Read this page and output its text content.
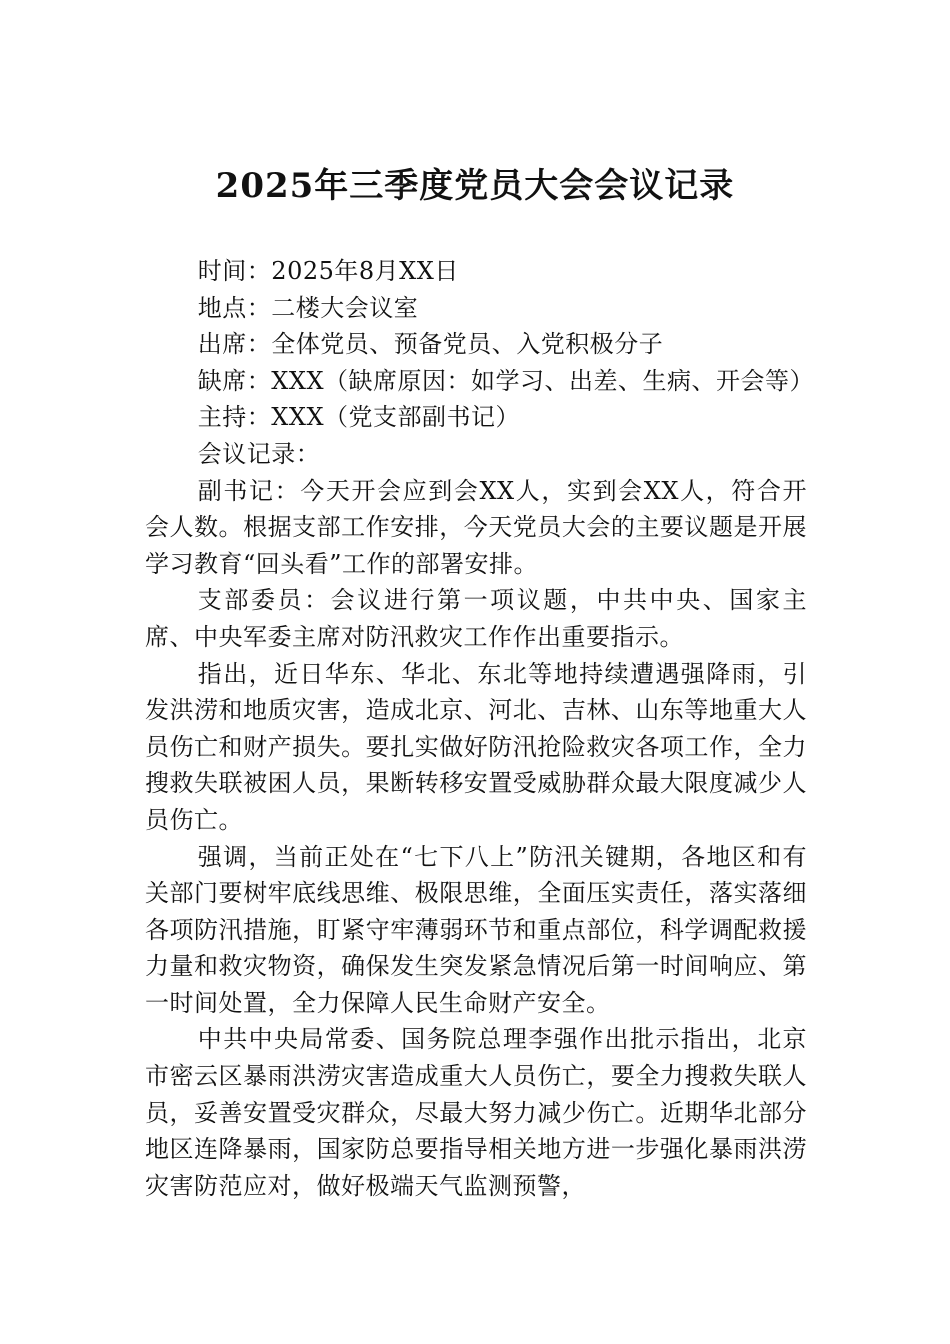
2025年三季度党员大会会议记录

时间：2025年8月XX日

地点：二楼大会议室

出席：全体党员、预备党员、入党积极分子

缺席：XXX（缺席原因：如学习、出差、生病、开会等）

主持：XXX（党支部副书记）

会议记录：

副书记：今天开会应到会XX人，实到会XX人，符合开会人数。根据支部工作安排，今天党员大会的主要议题是开展学习教育“回头看”工作的部署安排。

支部委员：会议进行第一项议题，中共中央、国家主席、中央军委主席对防汛救灾工作作出重要指示。

指出，近日华东、华北、东北等地持续遭遇强降雨，引发洪涝和地质灾害，造成北京、河北、吉林、山东等地重大人员伤亡和财产损失。要扎实做好防汛抢险救灾各项工作，全力搜救失联被困人员，果断转移安置受威胁群众最大限度减少人员伤亡。

强调，当前正处在“七下八上”防汛关键期，各地区和有关部门要树牢底线思维、极限思维，全面压实责任，落实落细各项防汛措施，盯紧守牢薄弱环节和重点部位，科学调配救援力量和救灾物资，确保发生突发紧急情况后第一时间响应、第一时间处置，全力保障人民生命财产安全。

中共中央局常委、国务院总理李强作出批示指出，北京市密云区暴雨洪涝灾害造成重大人员伤亡，要全力搜救失联人员，妥善安置受灾群众，尽最大努力减少伤亡。近期华北部分地区连降暴雨，国家防总要指导相关地方进一步强化暴雨洪涝灾害防范应对，做好极端天气监测预警，
